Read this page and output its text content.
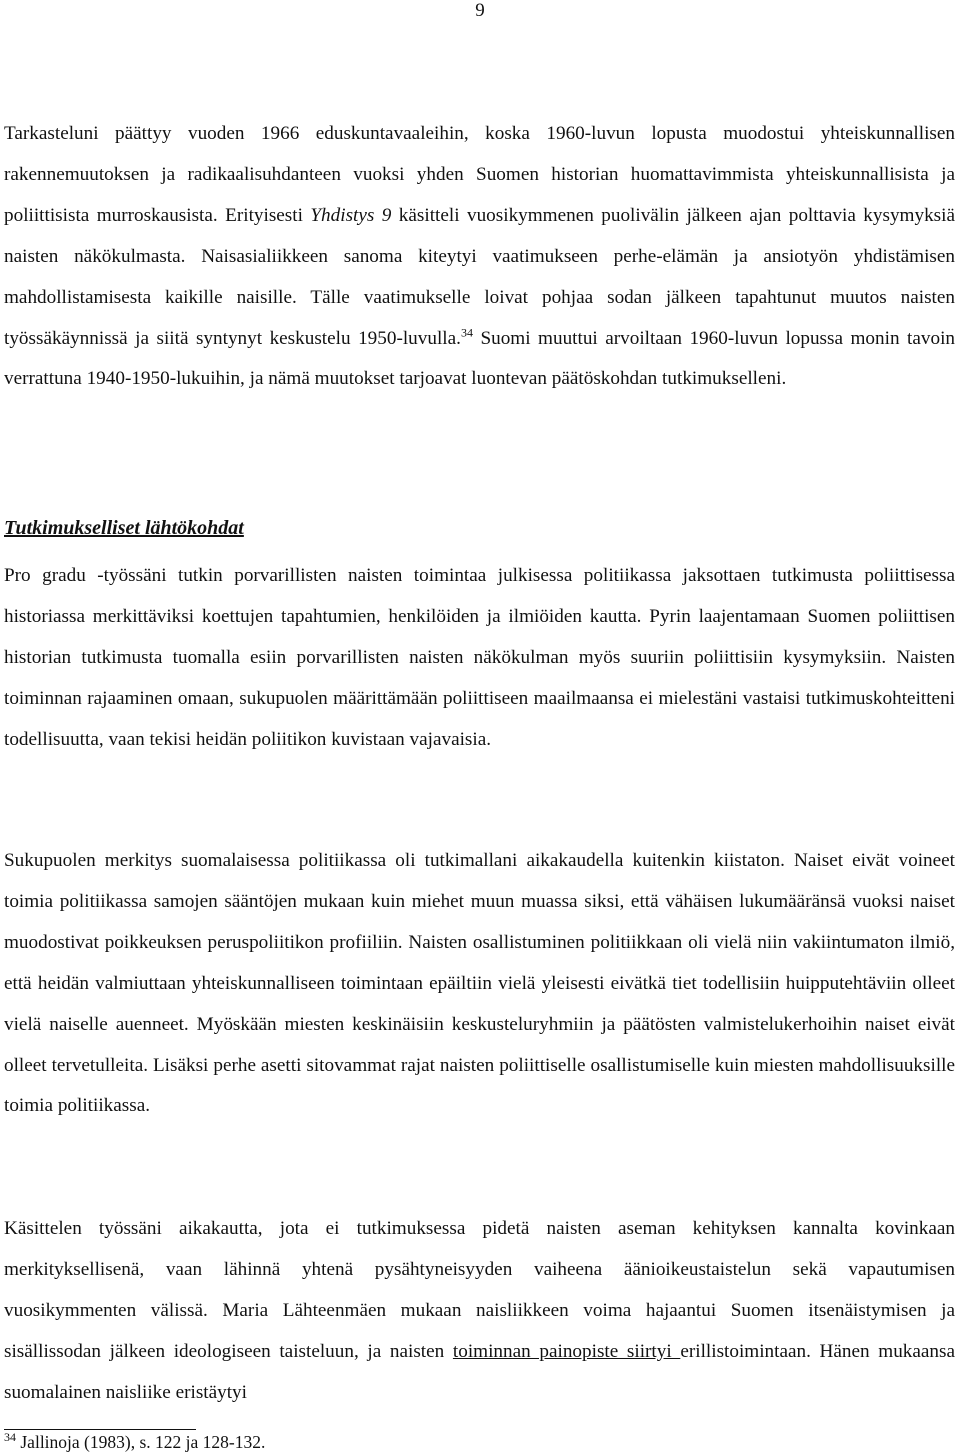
9

Tarkasteluni päättyy vuoden 1966 eduskuntavaaleihin, koska 1960-luvun lopusta muodostui yhteiskunnallisen rakennemuutoksen ja radikaalisuhdanteen vuoksi yhden Suomen historian huomattavimmista yhteiskunnallisista ja poliittisista murroskausista. Erityisesti Yhdistys 9 käsitteli vuosikymmenen puolivälin jälkeen ajan polttavia kysymyksiä naisten näkökulmasta. Naisasialiikkeen sanoma kiteytyi vaatimukseen perhe-elämän ja ansiotyön yhdistämisen mahdollistamisesta kaikille naisille. Tälle vaatimukselle loivat pohjaa sodan jälkeen tapahtunut muutos naisten työssäkäynnissä ja siitä syntynyt keskustelu 1950-luvulla.$^{34}$ Suomi muuttui arvoiltaan 1960-luvun lopussa monin tavoin verrattuna 1940-1950-lukuihin, ja nämä muutokset tarjoavat luontevan päätöskohdan tutkimukselleni.

Tutkimukselliset lähtökohdat

Pro gradu -työssäni tutkin porvarillisten naisten toimintaa julkisessa politiikassa jaksottaen tutkimusta poliittisessa historiassa merkittäviksi koettujen tapahtumien, henkilöiden ja ilmiöiden kautta. Pyrin laajentamaan Suomen poliittisen historian tutkimusta tuomalla esiin porvarillisten naisten näkökulman myös suuriin poliittisiin kysymyksiin. Naisten toiminnan rajaaminen omaan, sukupuolen määrittämään poliittiseen maailmaansa ei mielestäni vastaisi tutkimuskohteitteni todellisuutta, vaan tekisi heidän poliitikon kuvistaan vajavaisia.

Sukupuolen merkitys suomalaisessa politiikassa oli tutkimallani aikakaudella kuitenkin kiistaton. Naiset eivät voineet toimia politiikassa samojen sääntöjen mukaan kuin miehet muun muassa siksi, että vähäisen lukumääränsä vuoksi naiset muodostivat poikkeuksen peruspoliitikon profiiliin. Naisten osallistuminen politiikkaan oli vielä niin vakiintumaton ilmiö, että heidän valmiuttaan yhteiskunnalliseen toimintaan epäiltiin vielä yleisesti eivätkä tiet todellisiin huipputehtäviin olleet vielä naiselle auenneet. Myöskään miesten keskinäisiin keskusteluryhmiin ja päätösten valmistelukerhoihin naiset eivät olleet tervetulleita. Lisäksi perhe asetti sitovammat rajat naisten poliittiselle osallistumiselle kuin miesten mahdollisuuksille toimia politiikassa.

Käsittelen työssäni aikakautta, jota ei tutkimuksessa pidetä naisten aseman kehityksen kannalta kovinkaan merkityksellisenä, vaan lähinnä yhtenä pysähtyneisyyden vaiheena äänioikeustaistelun sekä vapautumisen vuosikymmenten välissä. Maria Lähteenmäen mukaan naisliikkeen voima hajaantui Suomen itsenäistymisen ja sisällissodan jälkeen ideologiseen taisteluun, ja naisten toiminnan painopiste siirtyi erillistoimintaan. Hänen mukaansa suomalainen naisliike eristäytyi

$^{34}$ Jallinoja (1983), s. 122 ja 128-132.
